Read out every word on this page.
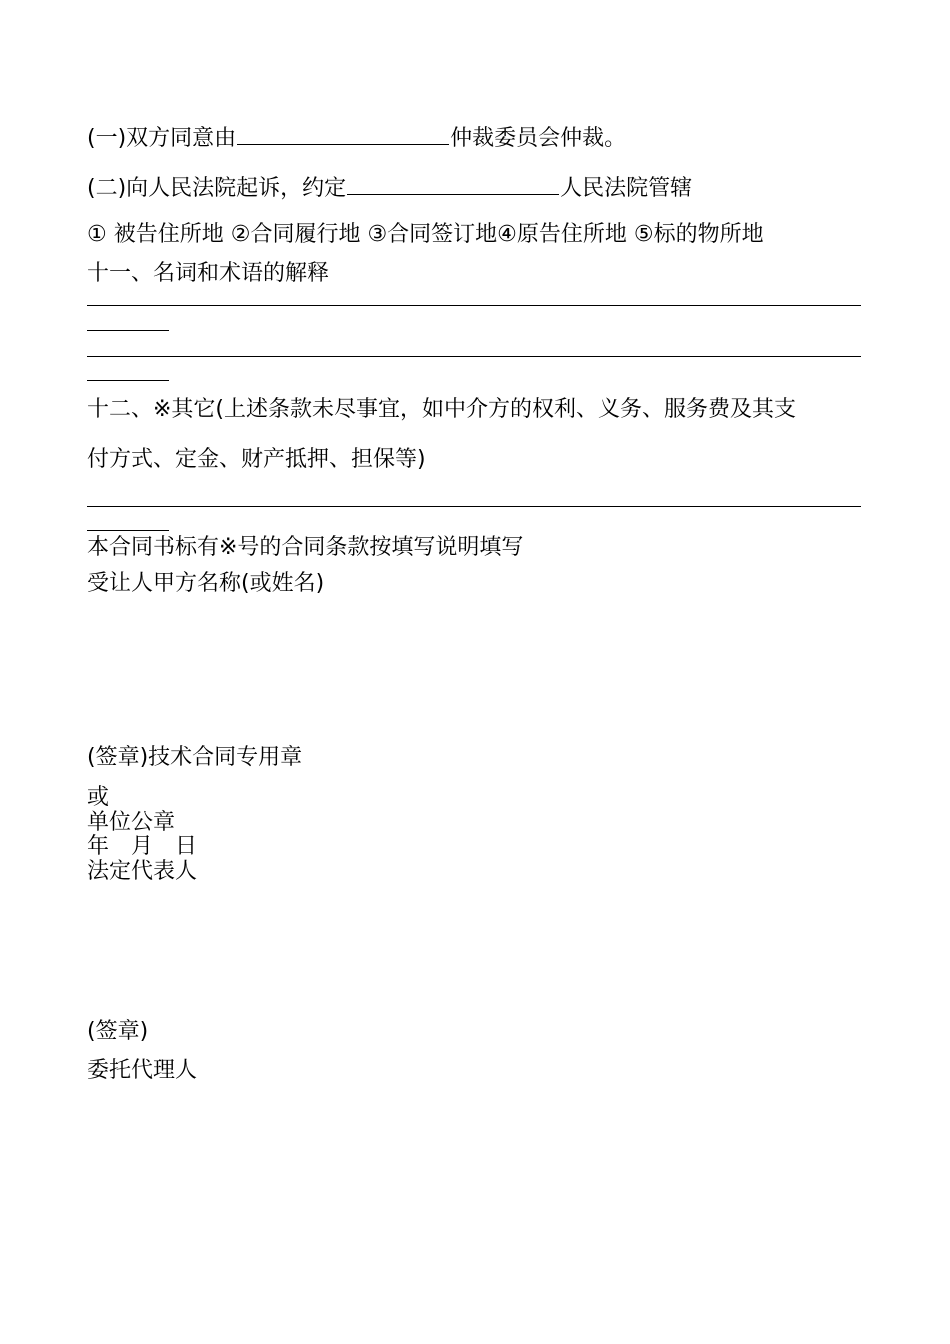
(一)双方同意由	仲裁委员会仲裁。
(二)向人民法院起诉，约定	人民法院管辖
① 被告住所地 ②合同履行地 ③合同签订地④原告住所地 ⑤标的物所地
十一、名词和术语的解释
十二、※其它(上述条款未尽事宜，如中介方的权利、义务、服务费及其支
付方式、定金、财产抵押、担保等)
本合同书标有※号的合同条款按填写说明填写
受让人甲方名称(或姓名)
(签章)技术合同专用章
或
单位公章
年　月　日
法定代表人
(签章)
委托代理人
